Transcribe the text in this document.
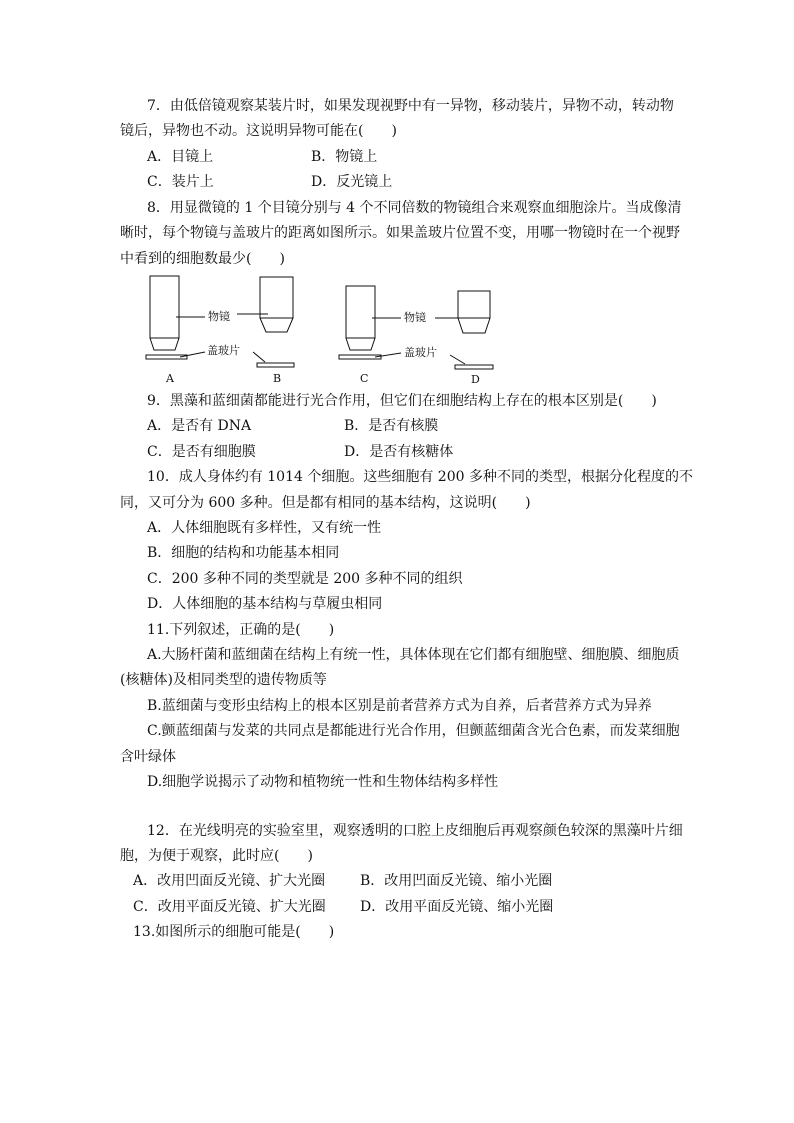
7．由低倍镜观察某装片时，如果发现视野中有一异物，移动装片，异物不动，转动物
镜后，异物也不动。这说明异物可能在(　　)
A．目镜上	B．物镜上
C．装片上	D．反光镜上
8．用显微镜的 1 个目镜分别与 4 个不同倍数的物镜组合来观察血细胞涂片。当成像清
晰时，每个物镜与盖玻片的距离如图所示。如果盖玻片位置不变，用哪一物镜时在一个视野
中看到的细胞数最少(　　)
物镜
盖玻片
物镜
盖玻片
A	B	C	D
9．黑藻和蓝细菌都能进行光合作用，但它们在细胞结构上存在的根本区别是(　　)
A．是否有 DNA	B．是否有核膜
C．是否有细胞膜	D．是否有核糖体
10．成人身体约有 1014 个细胞。这些细胞有 200 多种不同的类型，根据分化程度的不
同，又可分为 600 多种。但是都有相同的基本结构，这说明(　　)
A．人体细胞既有多样性，又有统一性
B．细胞的结构和功能基本相同
C．200 多种不同的类型就是 200 多种不同的组织
D．人体细胞的基本结构与草履虫相同
11.下列叙述，正确的是(　　)
A.大肠杆菌和蓝细菌在结构上有统一性，具体体现在它们都有细胞壁、细胞膜、细胞质
(核糖体)及相同类型的遗传物质等
B.蓝细菌与变形虫结构上的根本区别是前者营养方式为自养，后者营养方式为异养
C.颤蓝细菌与发菜的共同点是都能进行光合作用，但颤蓝细菌含光合色素，而发菜细胞
含叶绿体
D.细胞学说揭示了动物和植物统一性和生物体结构多样性
12．在光线明亮的实验室里，观察透明的口腔上皮细胞后再观察颜色较深的黑藻叶片细
胞，为便于观察，此时应(　　)
A．改用凹面反光镜、扩大光圈 B．改用凹面反光镜、缩小光圈
C．改用平面反光镜、扩大光圈 D．改用平面反光镜、缩小光圈
13.如图所示的细胞可能是(　　)
